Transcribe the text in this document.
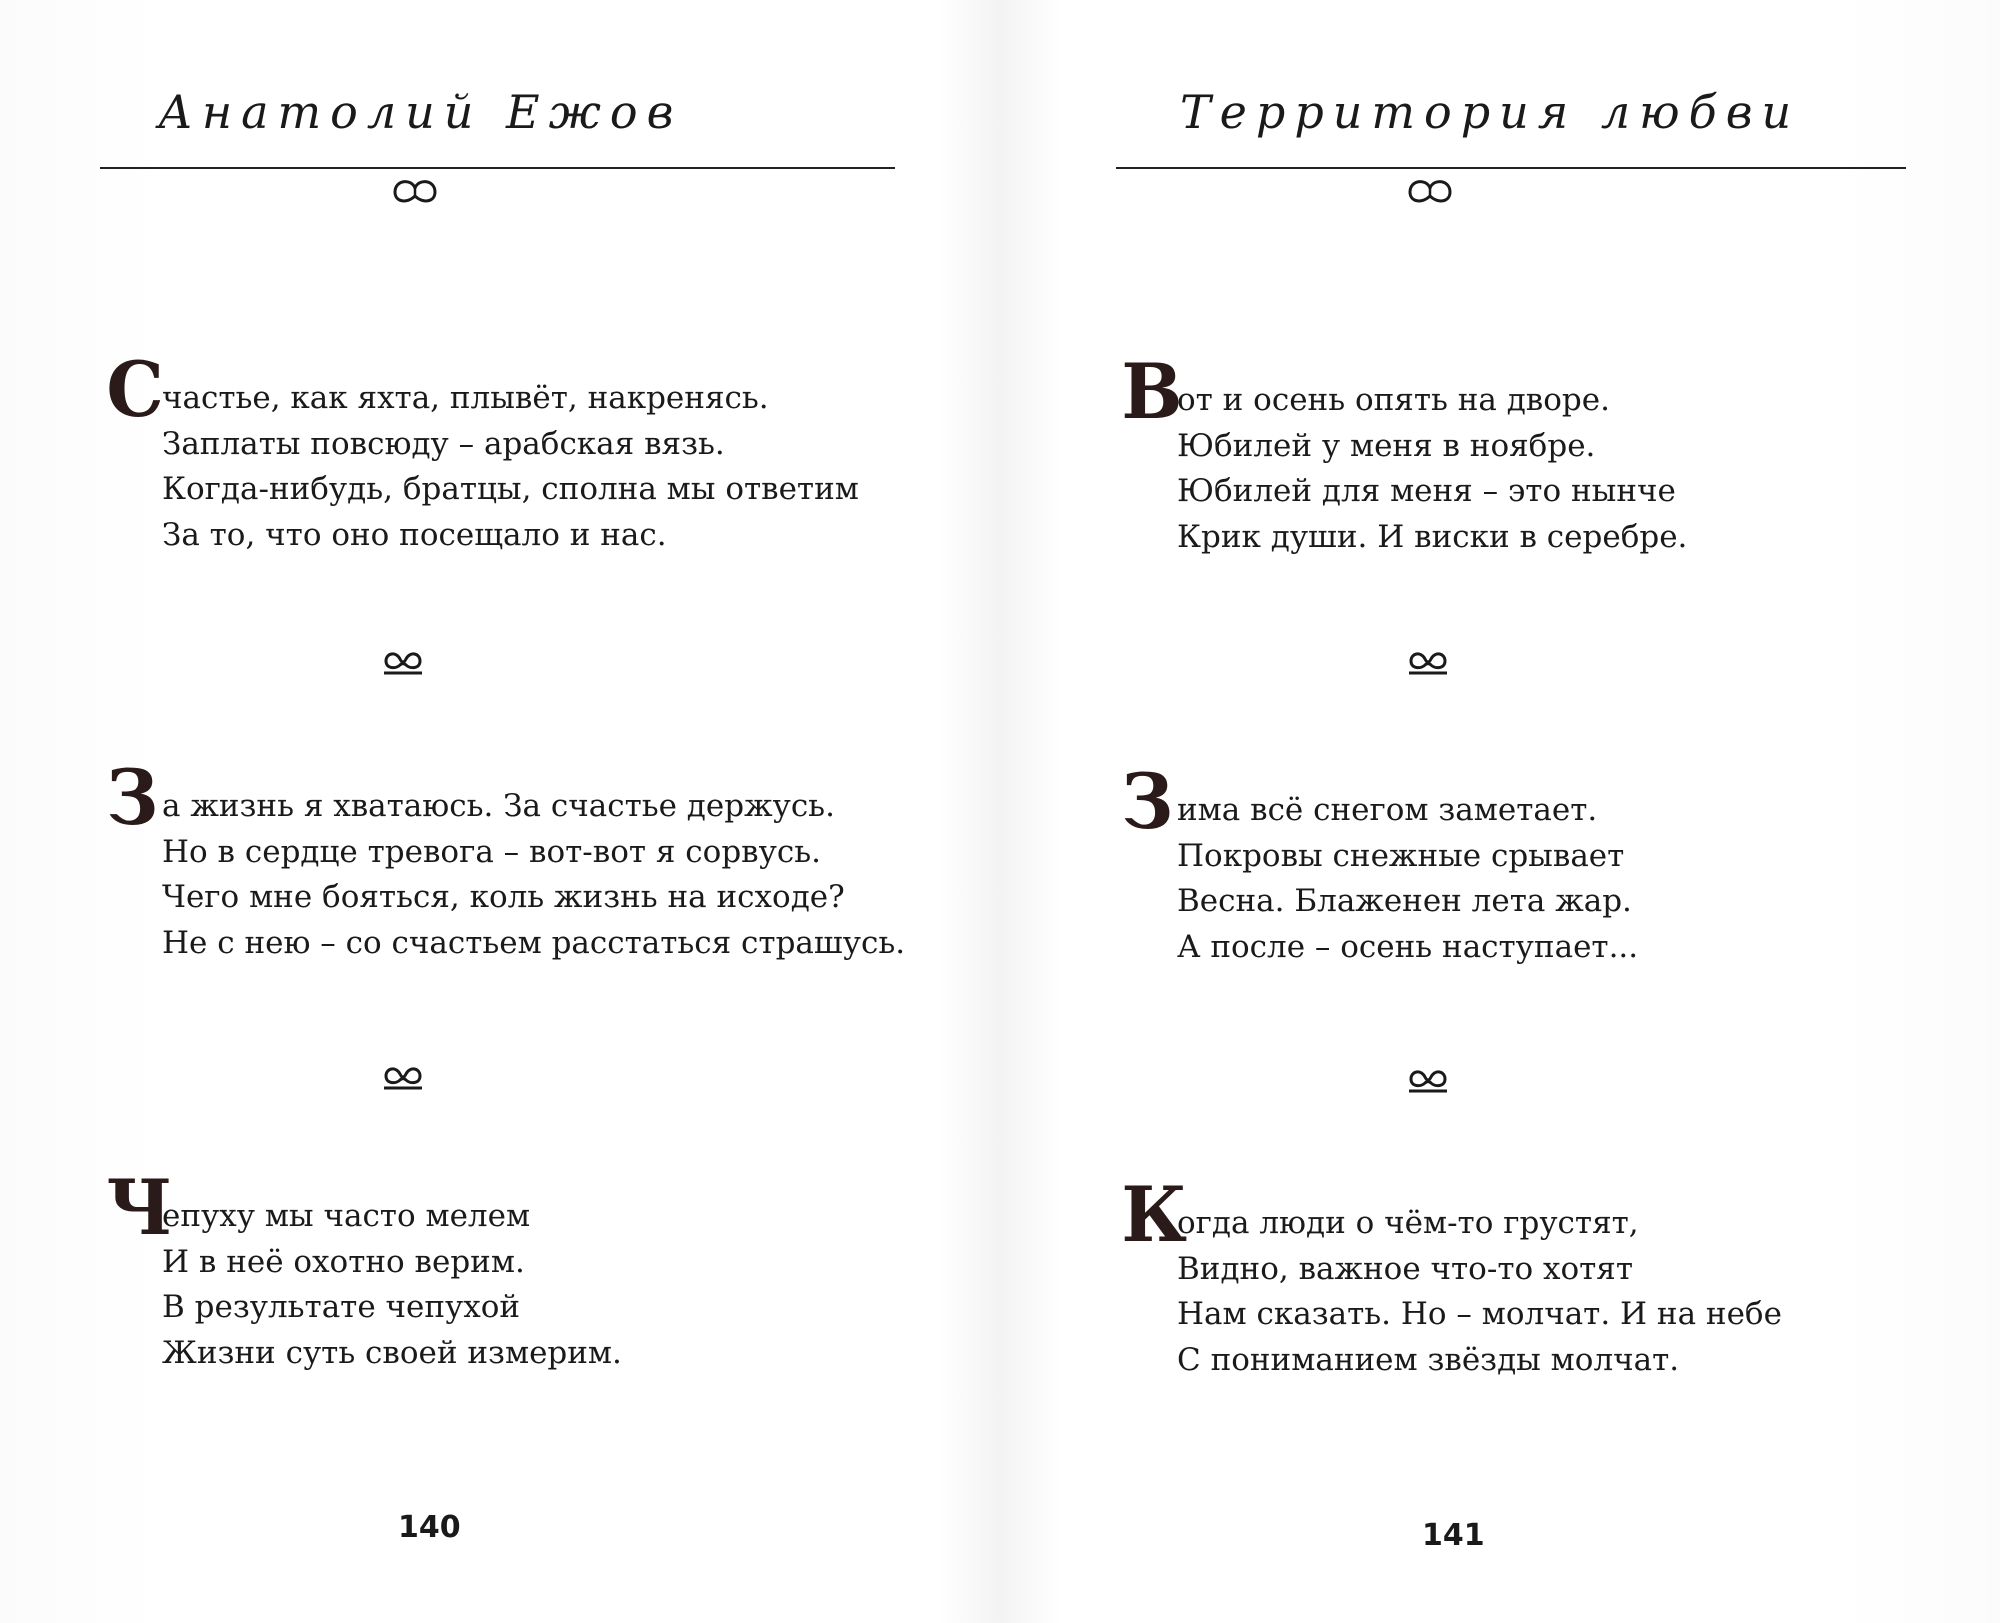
Анатолий Ежов
Счастье, как яхта, плывёт, накренясь.
Заплаты повсюду – арабская вязь.
Когда-нибудь, братцы, сполна мы ответим
За то, что оно посещало и нас.
За жизнь я хватаюсь. За счастье держусь.
Но в сердце тревога – вот-вот я сорвусь.
Чего мне бояться, коль жизнь на исходе?
Не с нею – со счастьем расстаться страшусь.
Чепуху мы часто мелем
И в неё охотно верим.
В результате чепухой
Жизни суть своей измерим.
140
Территория любви
Вот и осень опять на дворе.
Юбилей у меня в ноябре.
Юбилей для меня – это нынче
Крик души. И виски в серебре.
Зима всё снегом заметает.
Покровы снежные срывает
Весна. Блаженен лета жар.
А после – осень наступает...
Когда люди о чём-то грустят,
Видно, важное что-то хотят
Нам сказать. Но – молчат. И на небе
С пониманием звёзды молчат.
141
